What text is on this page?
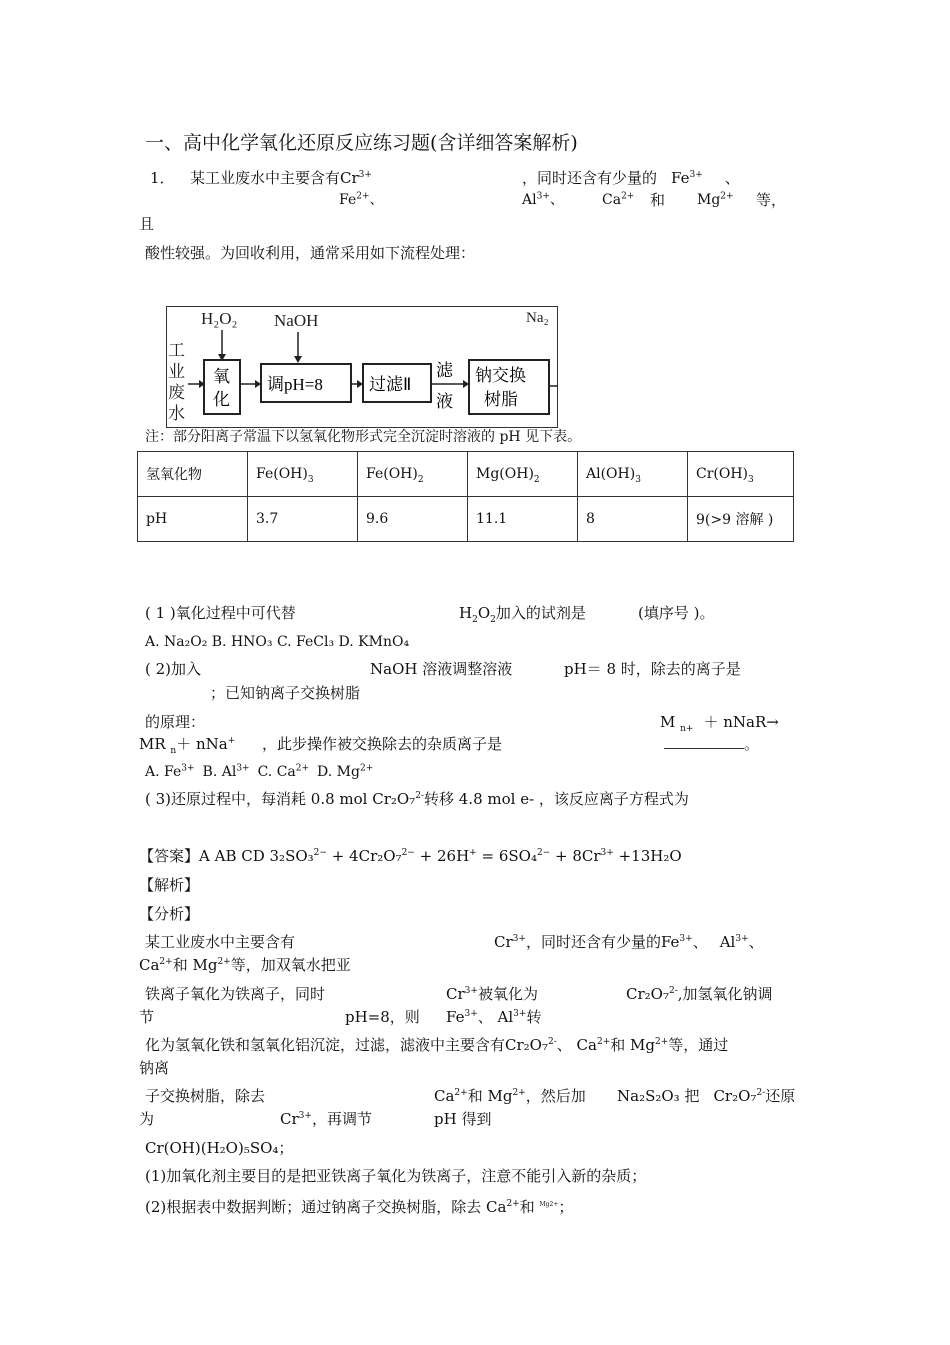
一、高中化学氧化还原反应练习题(含详细答案解析)
1． 某工业废水中主要含有$Cr^{3+}$	，同时还含有少量的 $Fe^{3+}$ 、
$Fe^{2+}$、	$Al^{3+}$、	$Ca^{2+}$ 和 $Mg^{2+}$ 等，
且
酸性较强。为回收利用，通常采用如下流程处理：
H₂O₂ NaOH	Na₂
工
业
废
水
氧
化
调pH=8	过滤Ⅱ
滤
液
钠交换
树脂
注：部分阳离子常温下以氢氧化物形式完全沉淀时溶液的 pH 见下表。
氢氧化物	$Fe(OH)_3$	$Fe(OH)_2$	$Mg(OH)_2$	$Al(OH)_3$	$Cr(OH)_3$
pH	3.7	9.6	11.1	8	9(>9 溶解 )
( 1 )氧化过程中可代替	$H_2O_2$加入的试剂是	(填序号 )。
A. Na₂O₂ B. HNO₃ C. FeCl₃ D. KMnO₄
( 2)加入	NaOH 溶液调整溶液	pH＝ 8 时，除去的离子是
；已知钠离子交换树脂
的原理：	M $_{n+}$ ＋ nNaR→
MR $_n$＋ nNa+ ，此步操作被交换除去的杂质离子是	。
A. $Fe^{3+}$ B. $Al^{3+}$ C. $Ca^{2+}$ D. $Mg^{2+}$
( 3)还原过程中，每消耗 0.8 mol Cr₂O₇$^{2-}$转移 4.8 mol e- ，该反应离子方程式为
【答案】A AB CD $3_2SO_3^{2-} + 4Cr_2O_7^{2-} + 26H^+ = 6SO_4^{2-} + 8Cr^{3+} +13H_2O$
【解析】
【分析】
某工业废水中主要含有	$Cr^{3+}$，同时还含有少量的$Fe^{3+}$、 $Al^{3+}$、
$Ca^{2+}$和 $Mg^{2+}$等，加双氧水把亚
铁离子氧化为铁离子，同时	$Cr^{3+}$被氧化为	Cr₂O₇$^{2-}$,加氢氧化钠调
节	pH=8，则 $Fe^{3+}$、 $Al^{3+}$转
化为氢氧化铁和氢氧化铝沉淀，过滤，滤液中主要含有Cr₂O₇$^{2-}$、 $Ca^{2+}$和 $Mg^{2+}$等，通过
钠离
子交换树脂，除去	$Ca^{2+}$和 $Mg^{2+}$，然后加 Na₂S₂O₃ 把 Cr₂O₇$^{2-}$还原
为	$Cr^{3+}$，再调节	pH 得到
Cr(OH)(H₂O)₅SO₄；
(1)加氧化剂主要目的是把亚铁离子氧化为铁离子，注意不能引入新的杂质；
(2)根据表中数据判断；通过钠离子交换树脂，除去 $Ca^{2+}$和 $^{Mg2+}$；
